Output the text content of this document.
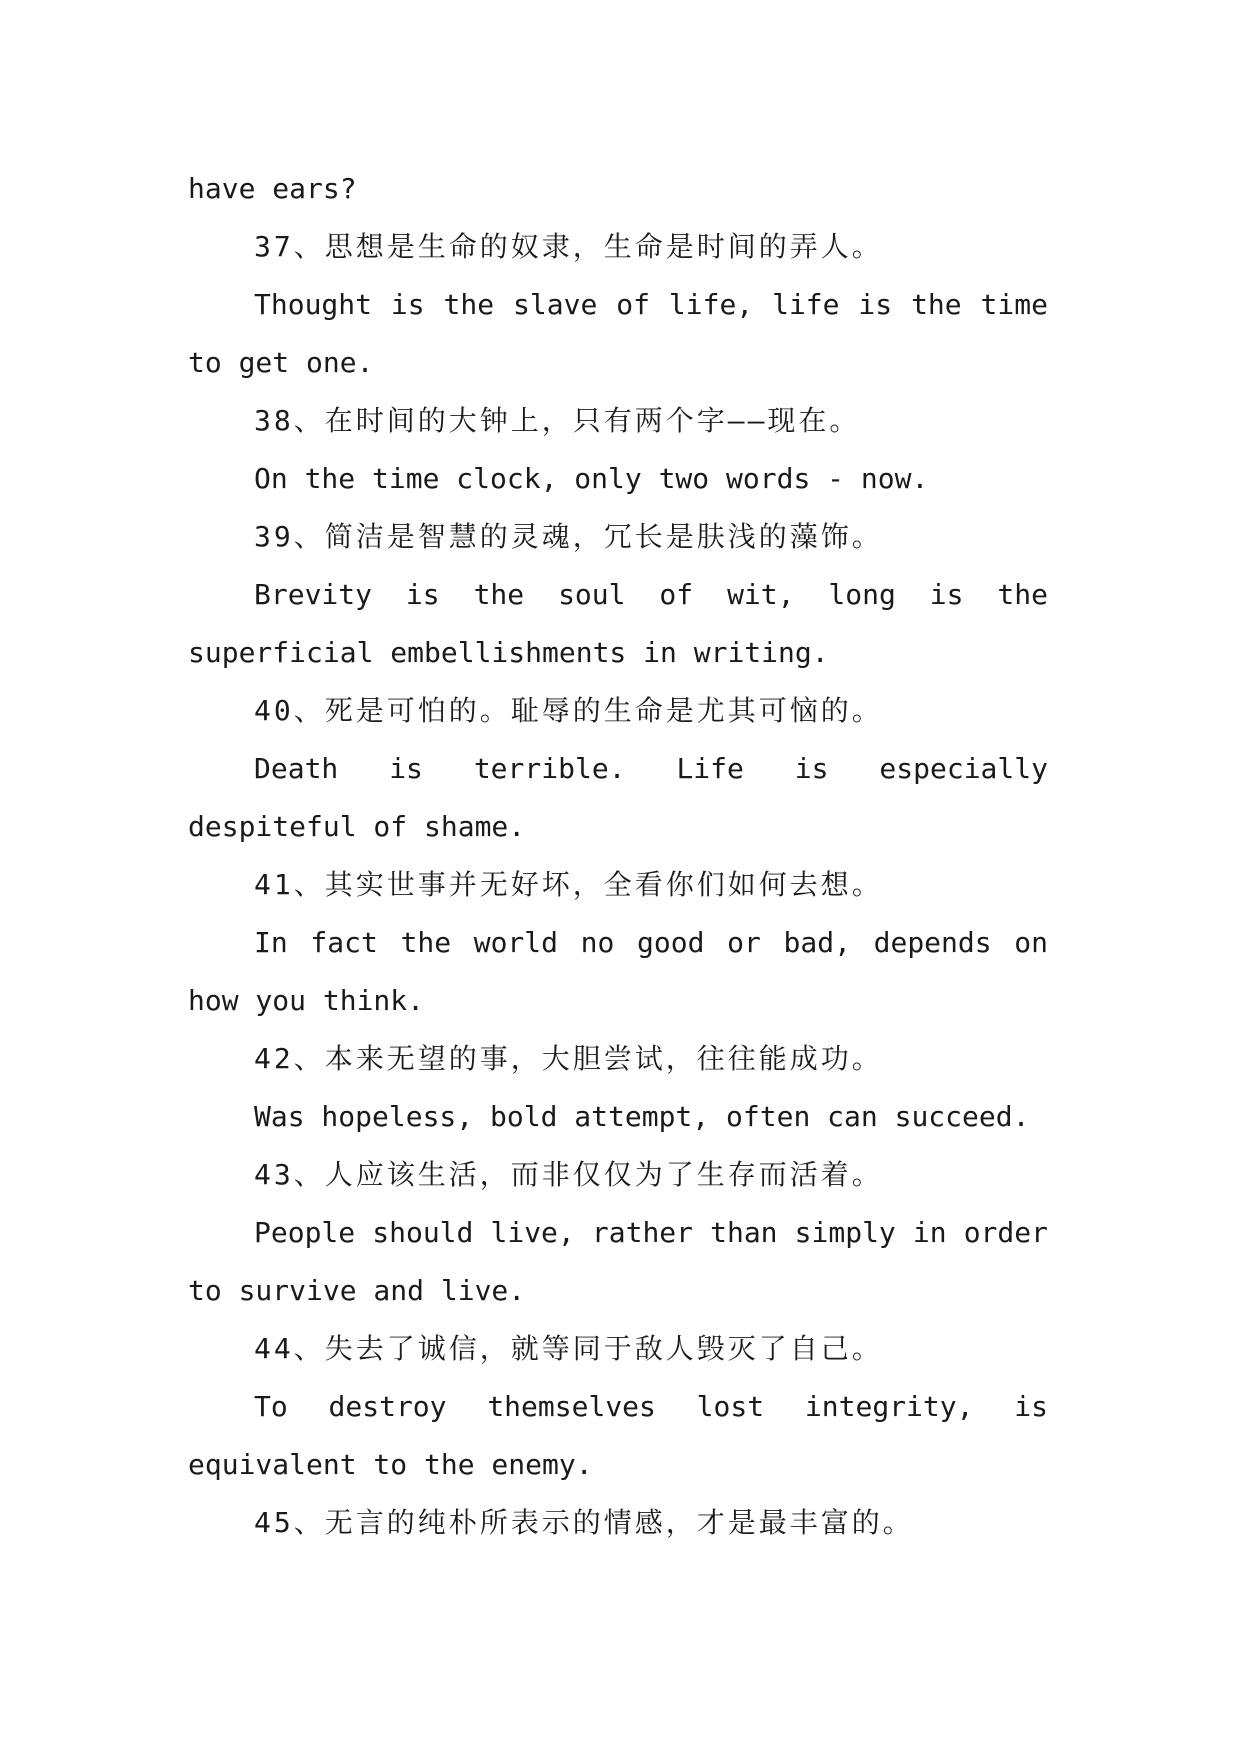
have ears?

37、思想是生命的奴隶，生命是时间的弄人。

Thought is the slave of life, life is the time to get one.

38、在时间的大钟上，只有两个字——现在。

On the time clock, only two words - now.

39、简洁是智慧的灵魂，冗长是肤浅的藻饰。

Brevity is the soul of wit, long is the superficial embellishments in writing.

40、死是可怕的。耻辱的生命是尤其可恼的。

Death is terrible. Life is especially despiteful of shame.

41、其实世事并无好坏，全看你们如何去想。

In fact the world no good or bad, depends on how you think.

42、本来无望的事，大胆尝试，往往能成功。

Was hopeless, bold attempt, often can succeed.

43、人应该生活，而非仅仅为了生存而活着。

People should live, rather than simply in order to survive and live.

44、失去了诚信，就等同于敌人毁灭了自己。

To destroy themselves lost integrity, is equivalent to the enemy.

45、无言的纯朴所表示的情感，才是最丰富的。
